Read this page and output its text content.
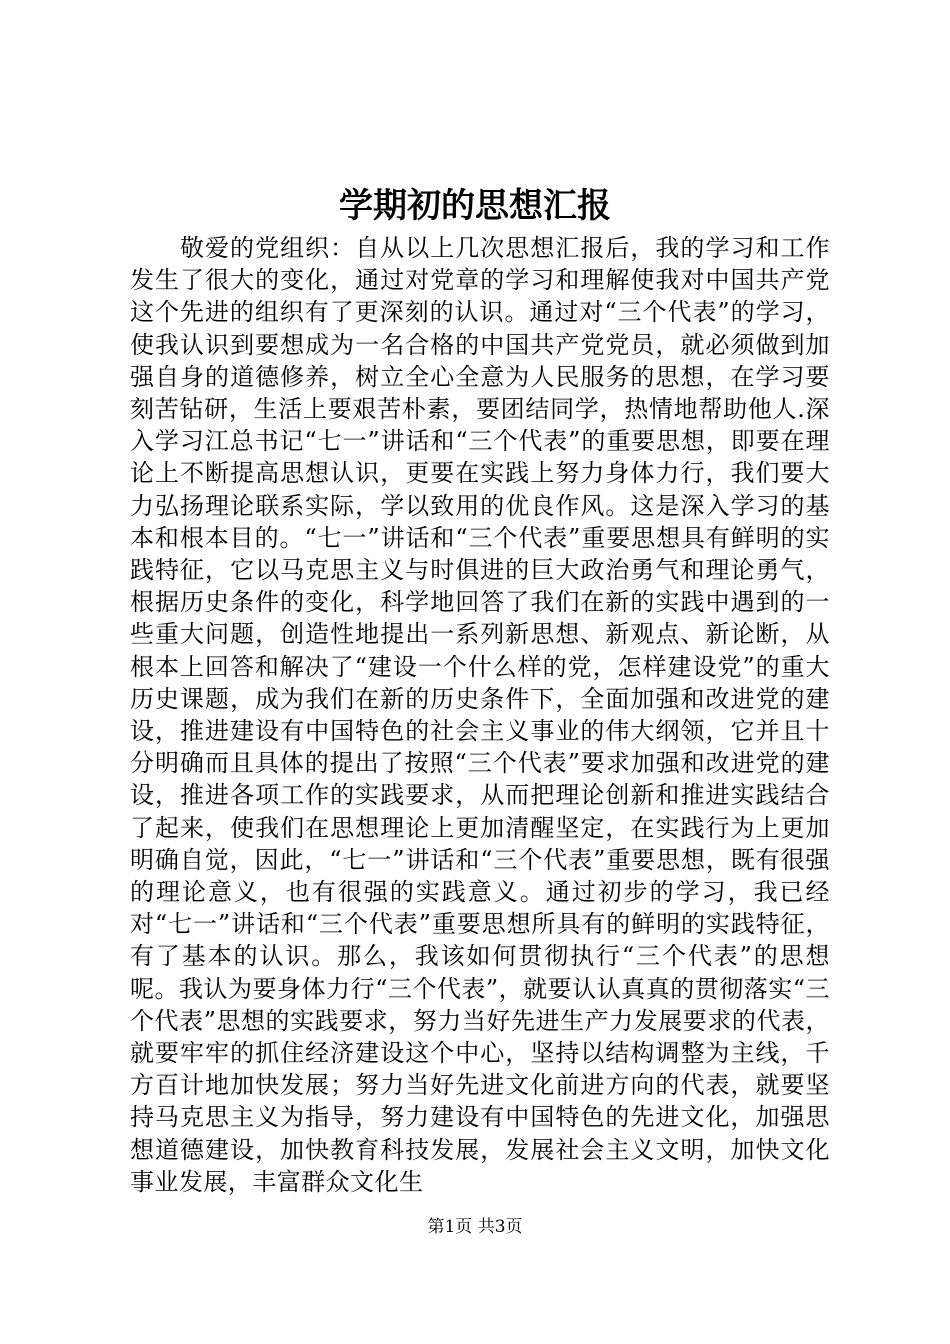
学期初的思想汇报

敬爱的党组织：自从以上几次思想汇报后，我的学习和工作发生了很大的变化，通过对党章的学习和理解使我对中国共产党这个先进的组织有了更深刻的认识。通过对“三个代表”的学习，使我认识到要想成为一名合格的中国共产党党员，就必须做到加强自身的道德修养，树立全心全意为人民服务的思想，在学习要刻苦钻研，生活上要艰苦朴素，要团结同学，热情地帮助他人.深入学习江总书记“七一”讲话和“三个代表”的重要思想，即要在理论上不断提高思想认识，更要在实践上努力身体力行，我们要大力弘扬理论联系实际，学以致用的优良作风。这是深入学习的基本和根本目的。“七一”讲话和“三个代表”重要思想具有鲜明的实践特征，它以马克思主义与时俱进的巨大政治勇气和理论勇气，根据历史条件的变化，科学地回答了我们在新的实践中遇到的一些重大问题，创造性地提出一系列新思想、新观点、新论断，从根本上回答和解决了“建设一个什么样的党，怎样建设党”的重大历史课题，成为我们在新的历史条件下，全面加强和改进党的建设，推进建设有中国特色的社会主义事业的伟大纲领，它并且十分明确而且具体的提出了按照“三个代表”要求加强和改进党的建设，推进各项工作的实践要求，从而把理论创新和推进实践结合了起来，使我们在思想理论上更加清醒坚定，在实践行为上更加明确自觉，因此，“七一”讲话和“三个代表”重要思想，既有很强的理论意义，也有很强的实践意义。通过初步的学习，我已经对“七一”讲话和“三个代表”重要思想所具有的鲜明的实践特征，有了基本的认识。那么，我该如何贯彻执行“三个代表”的思想呢。我认为要身体力行“三个代表”，就要认认真真的贯彻落实“三个代表”思想的实践要求，努力当好先进生产力发展要求的代表，就要牢牢的抓住经济建设这个中心，坚持以结构调整为主线，千方百计地加快发展；努力当好先进文化前进方向的代表，就要坚持马克思主义为指导，努力建设有中国特色的先进文化，加强思想道德建设，加快教育科技发展，发展社会主义文明，加快文化事业发展，丰富群众文化生

第1页 共3页
